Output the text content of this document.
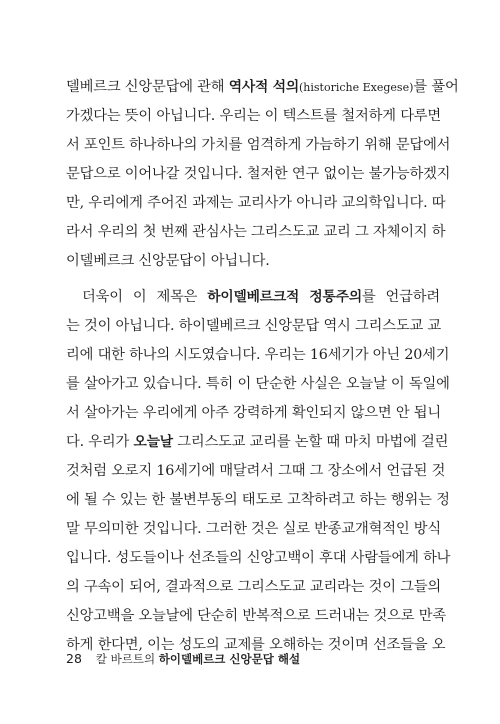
델베르크 신앙문답에 관해 역사적 석의(historiche Exegese)를 풀어
가겠다는 뜻이 아닙니다. 우리는 이 텍스트를 철저하게 다루면
서 포인트 하나하나의 가치를 엄격하게 가늠하기 위해 문답에서
문답으로 이어나갈 것입니다. 철저한 연구 없이는 불가능하겠지
만, 우리에게 주어진 과제는 교리사가 아니라 교의학입니다. 따
라서 우리의 첫 번째 관심사는 그리스도교 교리 그 자체이지 하
이델베르크 신앙문답이 아닙니다.
더욱이 이 제목은 하이델베르크적 정통주의를 언급하려
는 것이 아닙니다. 하이델베르크 신앙문답 역시 그리스도교 교
리에 대한 하나의 시도였습니다. 우리는 16세기가 아닌 20세기
를 살아가고 있습니다. 특히 이 단순한 사실은 오늘날 이 독일에
서 살아가는 우리에게 아주 강력하게 확인되지 않으면 안 됩니
다. 우리가 오늘날 그리스도교 교리를 논할 때 마치 마법에 걸린
것처럼 오로지 16세기에 매달려서 그때 그 장소에서 언급된 것
에 될 수 있는 한 불변부동의 태도로 고착하려고 하는 행위는 정
말 무의미한 것입니다. 그러한 것은 실로 반종교개혁적인 방식
입니다. 성도들이나 선조들의 신앙고백이 후대 사람들에게 하나
의 구속이 되어, 결과적으로 그리스도교 교리라는 것이 그들의
신앙고백을 오늘날에 단순히 반복적으로 드러내는 것으로 만족
하게 한다면, 이는 성도의 교제를 오해하는 것이며 선조들을 오
28 칼 바르트의 하이델베르크 신앙문답 해설
